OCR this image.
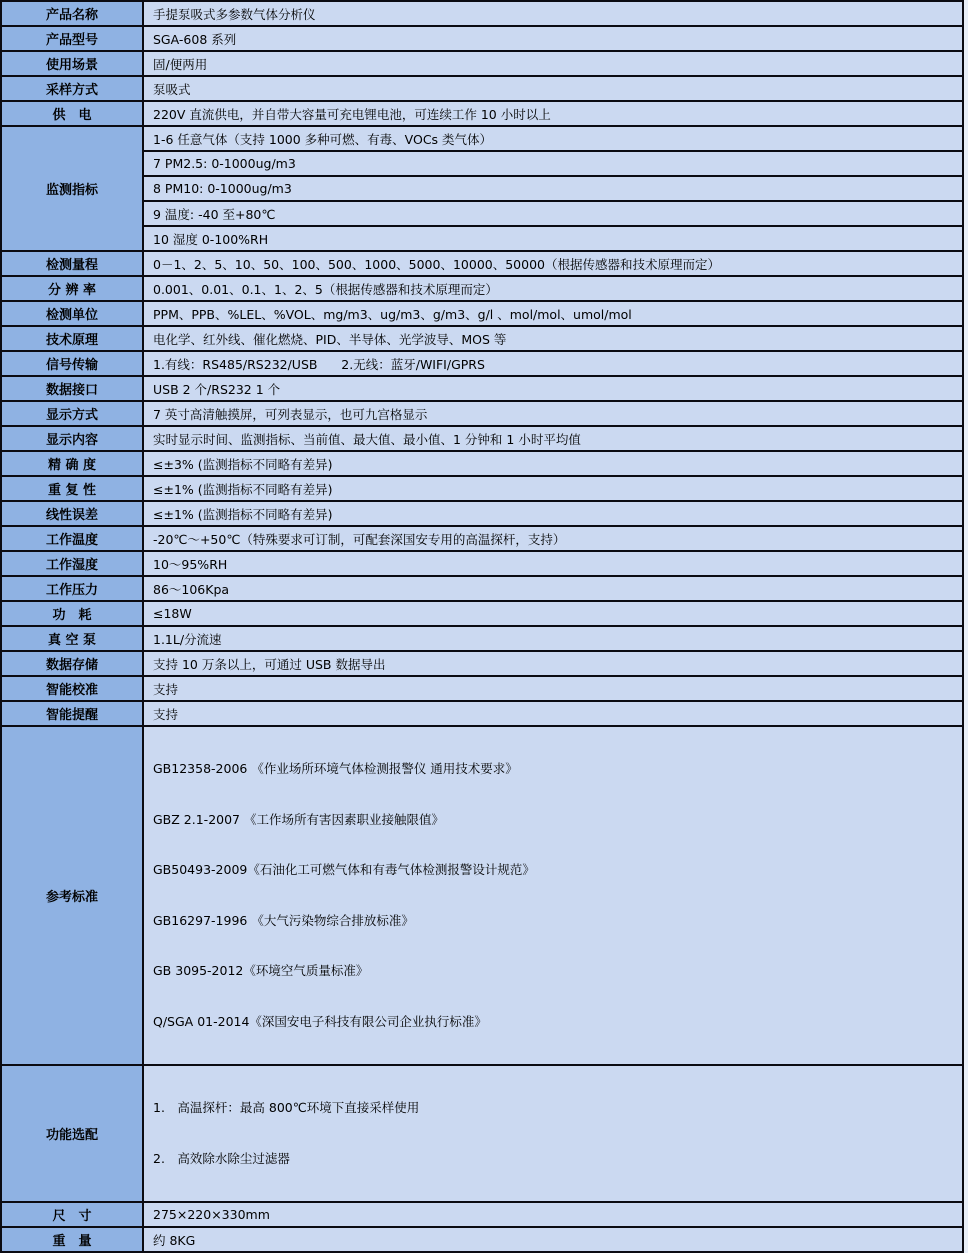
产品名称	手提泵吸式多参数气体分析仪
产品型号	SGA-608 系列
使用场景	固/便两用
采样方式	泵吸式
供　电	220V 直流供电，并自带大容量可充电锂电池，可连续工作 10 小时以上
监测指标	1-6 任意气体（支持 1000 多种可燃、有毒、VOCs 类气体）
	7 PM2.5: 0-1000ug/m3
	8 PM10: 0-1000ug/m3
	9 温度: -40 至+80℃
	10 湿度 0-100%RH
检测量程	0－1、2、5、10、50、100、500、1000、5000、10000、50000（根据传感器和技术原理而定）
分 辨 率	0.001、0.01、0.1、1、2、5（根据传感器和技术原理而定）
检测单位	PPM、PPB、%LEL、%VOL、mg/m3、ug/m3、g/m3、g/l 、mol/mol、umol/mol
技术原理	电化学、红外线、催化燃烧、PID、半导体、光学波导、MOS 等
信号传输	1.有线：RS485/RS232/USB      2.无线：蓝牙/WIFI/GPRS
数据接口	USB 2 个/RS232 1 个
显示方式	7 英寸高清触摸屏，可列表显示，也可九宫格显示
显示内容	实时显示时间、监测指标、当前值、最大值、最小值、1 分钟和 1 小时平均值
精 确 度	≤±3% (监测指标不同略有差异)
重 复 性	≤±1% (监测指标不同略有差异)
线性误差	≤±1% (监测指标不同略有差异)
工作温度	-20℃～+50℃（特殊要求可订制，可配套深国安专用的高温探杆，支持）
工作湿度	10～95%RH
工作压力	86～106Kpa
功　耗	≤18W
真 空 泵	1.1L/分流速
数据存储	支持 10 万条以上，可通过 USB 数据导出
智能校准	支持
智能提醒	支持
参考标准	

GB12358-2006 《作业场所环境气体检测报警仪 通用技术要求》

GBZ 2.1-2007 《工作场所有害因素职业接触限值》

GB50493-2009《石油化工可燃气体和有毒气体检测报警设计规范》

GB16297-1996 《大气污染物综合排放标准》

GB 3095-2012《环境空气质量标准》

Q/SGA 01-2014《深国安电子科技有限公司企业执行标准》

功能选配	1.　高温探杆：最高 800℃环境下直接采样使用

2.　高效除水除尘过滤器

尺　寸	275×220×330mm
重　量	约 8KG
